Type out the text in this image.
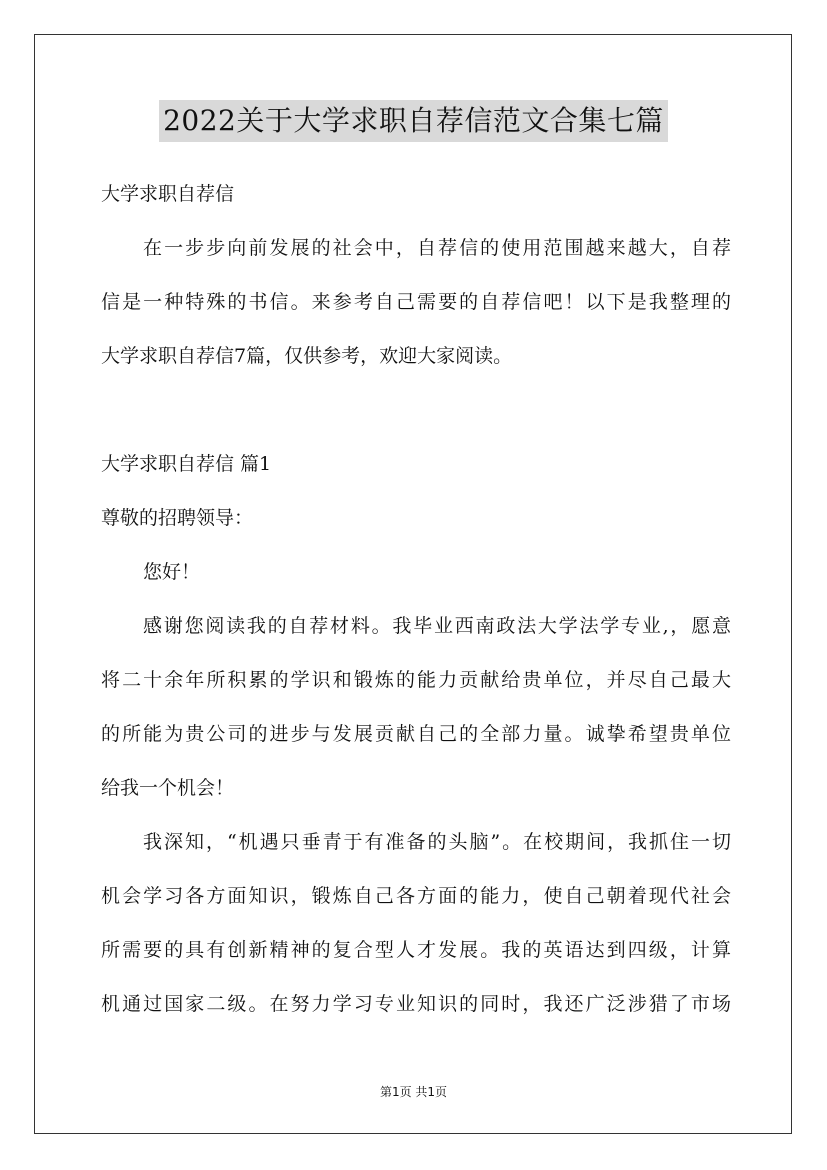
2022关于大学求职自荐信范文合集七篇
大学求职自荐信
在一步步向前发展的社会中，自荐信的使用范围越来越大，自荐
信是一种特殊的书信。来参考自己需要的自荐信吧！以下是我整理的
大学求职自荐信7篇，仅供参考，欢迎大家阅读。
大学求职自荐信 篇1
尊敬的招聘领导：
您好！
感谢您阅读我的自荐材料。我毕业西南政法大学法学专业,，愿意
将二十余年所积累的学识和锻炼的能力贡献给贵单位，并尽自己最大
的所能为贵公司的进步与发展贡献自己的全部力量。诚挚希望贵单位
给我一个机会！
我深知，“机遇只垂青于有准备的头脑”。在校期间，我抓住一切
机会学习各方面知识，锻炼自己各方面的能力，使自己朝着现代社会
所需要的具有创新精神的复合型人才发展。我的英语达到四级，计算
机通过国家二级。在努力学习专业知识的同时，我还广泛涉猎了市场
第1页 共1页
